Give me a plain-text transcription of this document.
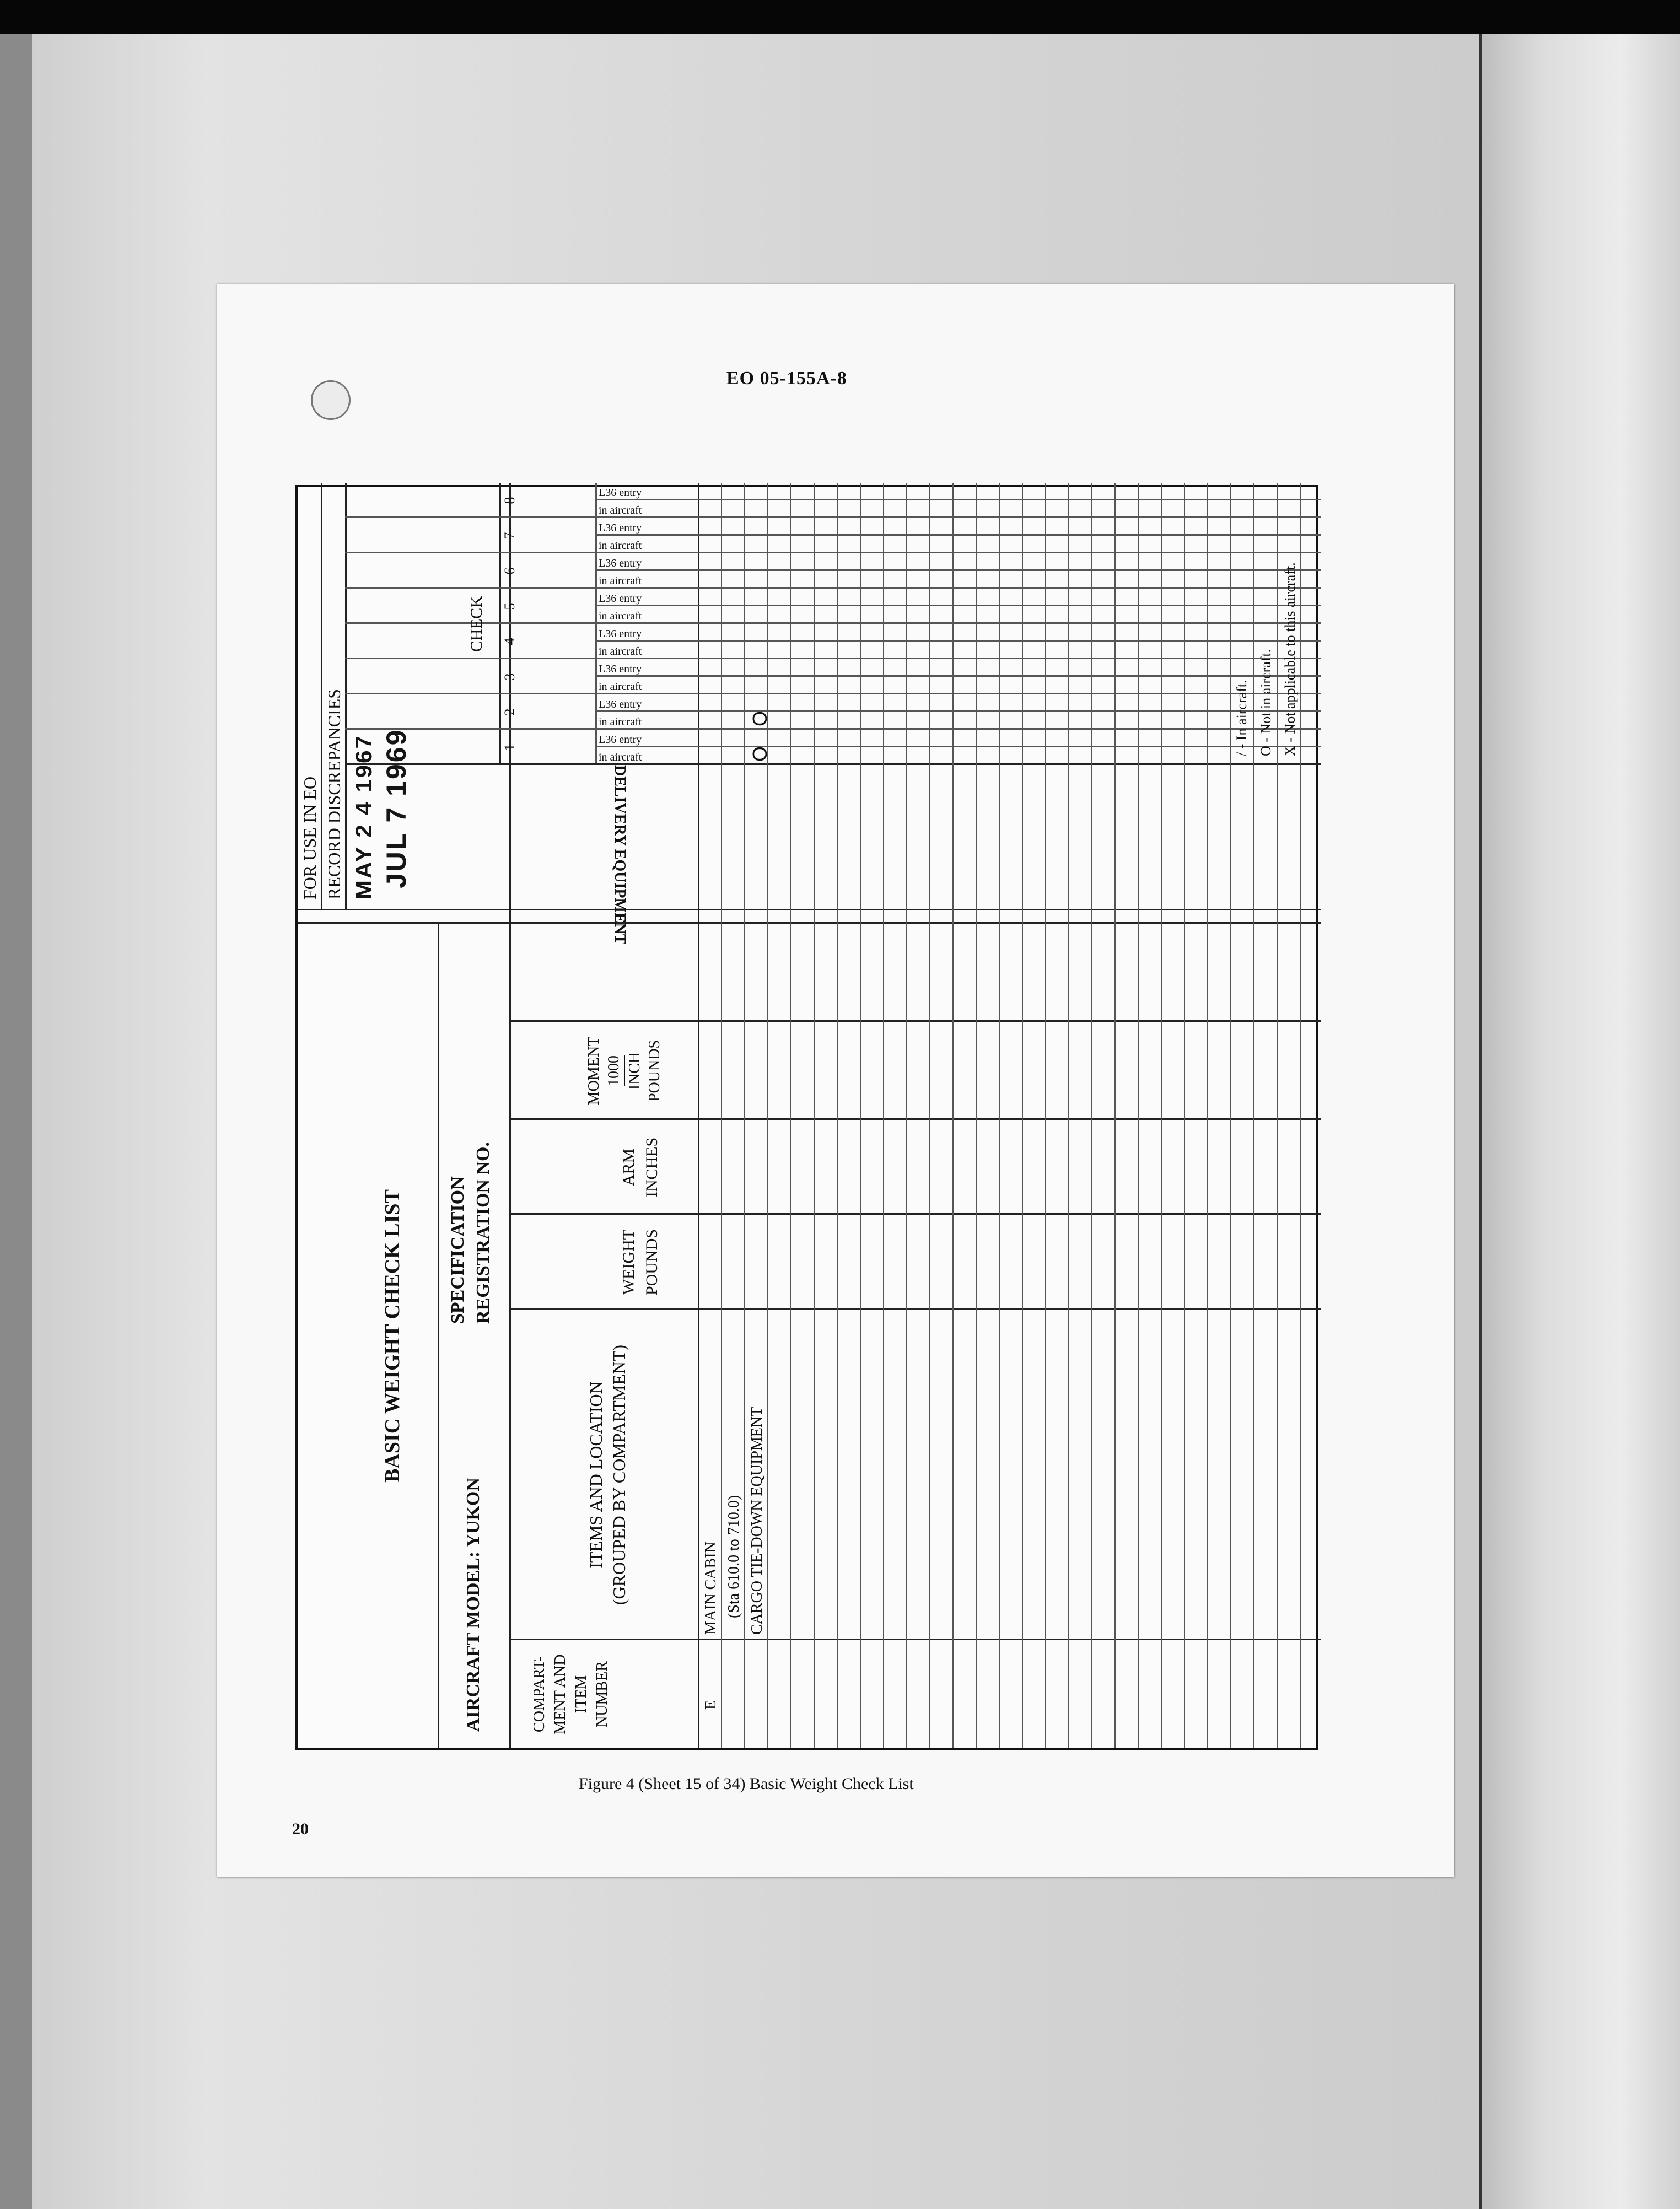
EO 05-155A-8
Figure 4 (Sheet 15 of 34) Basic Weight Check List
20
BASIC WEIGHT CHECK LIST
AIRCRAFT MODEL: YUKON
SPECIFICATION REGISTRATION NO.
FOR USE IN EO RECORD DISCREPANCIES MAY 2 4 1967 JUL 7 1969
COMPART- MENT AND ITEM NUMBER
ITEMS AND LOCATION (GROUPED BY COMPARTMENT)
WEIGHT POUNDS
ARM INCHES
MOMENT 1000 INCH POUNDS
DELIVERY EQUIPMENT
CHECK
1
2
3
4
5
6
7
8
in aircraft
L36 entry
in aircraft
L36 entry
in aircraft
L36 entry
in aircraft
L36 entry
in aircraft
L36 entry
in aircraft
L36 entry
in aircraft
L36 entry
in aircraft
L36 entry
E
MAIN CABIN (Sta 610.0 to 710.0) CARGO TIE-DOWN EQUIPMENT
O
O	/ - In aircraft. O - Not in aircraft. X - Not applicable to this aircraft.
